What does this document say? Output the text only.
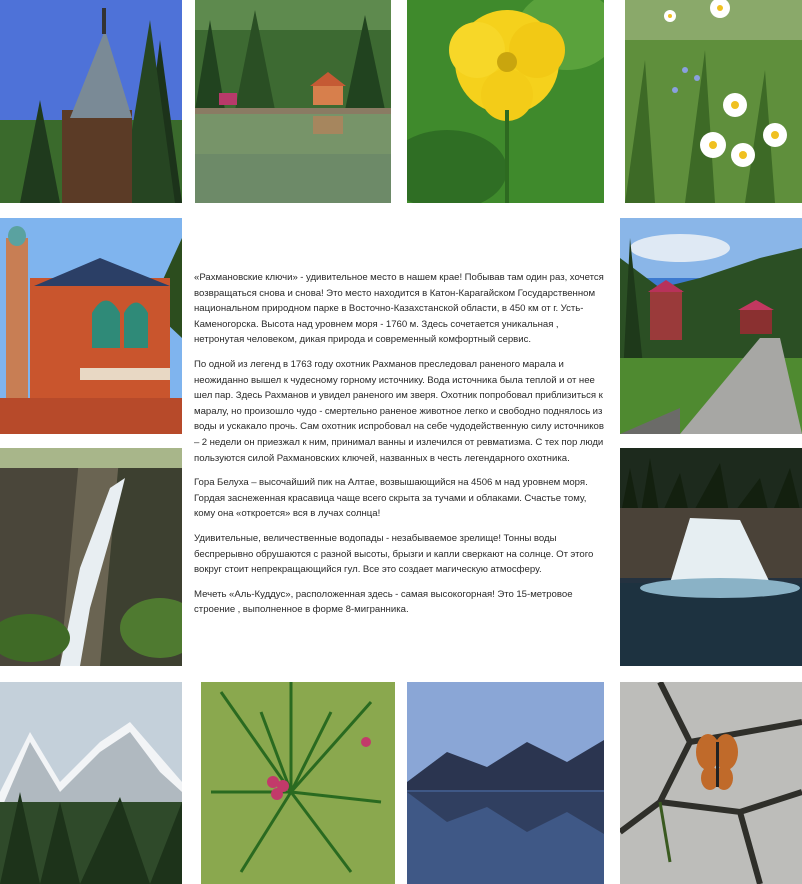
«Рахмановские ключи» - удивительное место в нашем крае! Побывав там один раз, хочется возвращаться снова и снова! Это место находится в Катон-Карагайском Государственном национальном природном парке в Восточно-Казахстанской области, в 450 км от г. Усть-Каменогорска. Высота над уровнем моря - 1760 м. Здесь сочетается уникальная , нетронутая человеком, дикая природа и современный комфортный сервис.

По одной из легенд в 1763 году охотник Рахманов преследовал раненого марала и неожиданно вышел к чудесному горному источнику. Вода источника была теплой и от нее шел пар. Здесь Рахманов и увидел раненого им зверя. Охотник попробовал приблизиться к маралу, но произошло чудо - смертельно раненое животное легко и свободно поднялось из воды и ускакало прочь. Сам охотник испробовал на себе чудодейственную силу источников – 2 недели он приезжал к ним, принимал ванны и излечился от ревматизма. С тех пор люди пользуются силой Рахмановских ключей, названных в честь легендарного охотника.

Гора Белуха – высочайший пик на Алтае, возвышающийся на 4506 м над уровнем моря. Гордая заснеженная красавица чаще всего скрыта за тучами и облаками. Счастье тому, кому она «откроется» вся в лучах солнца!

Удивительные, величественные водопады - незабываемое зрелище! Тонны воды беспрерывно обрушаются с разной высоты, брызги и капли сверкают на солнце. От этого вокруг стоит непрекращающийся гул. Все это создает магическую атмосферу.

Мечеть «Аль-Куддус», расположенная здесь - самая высокогорная! Это 15-метровое строение , выполненное в форме 8-мигранника.
